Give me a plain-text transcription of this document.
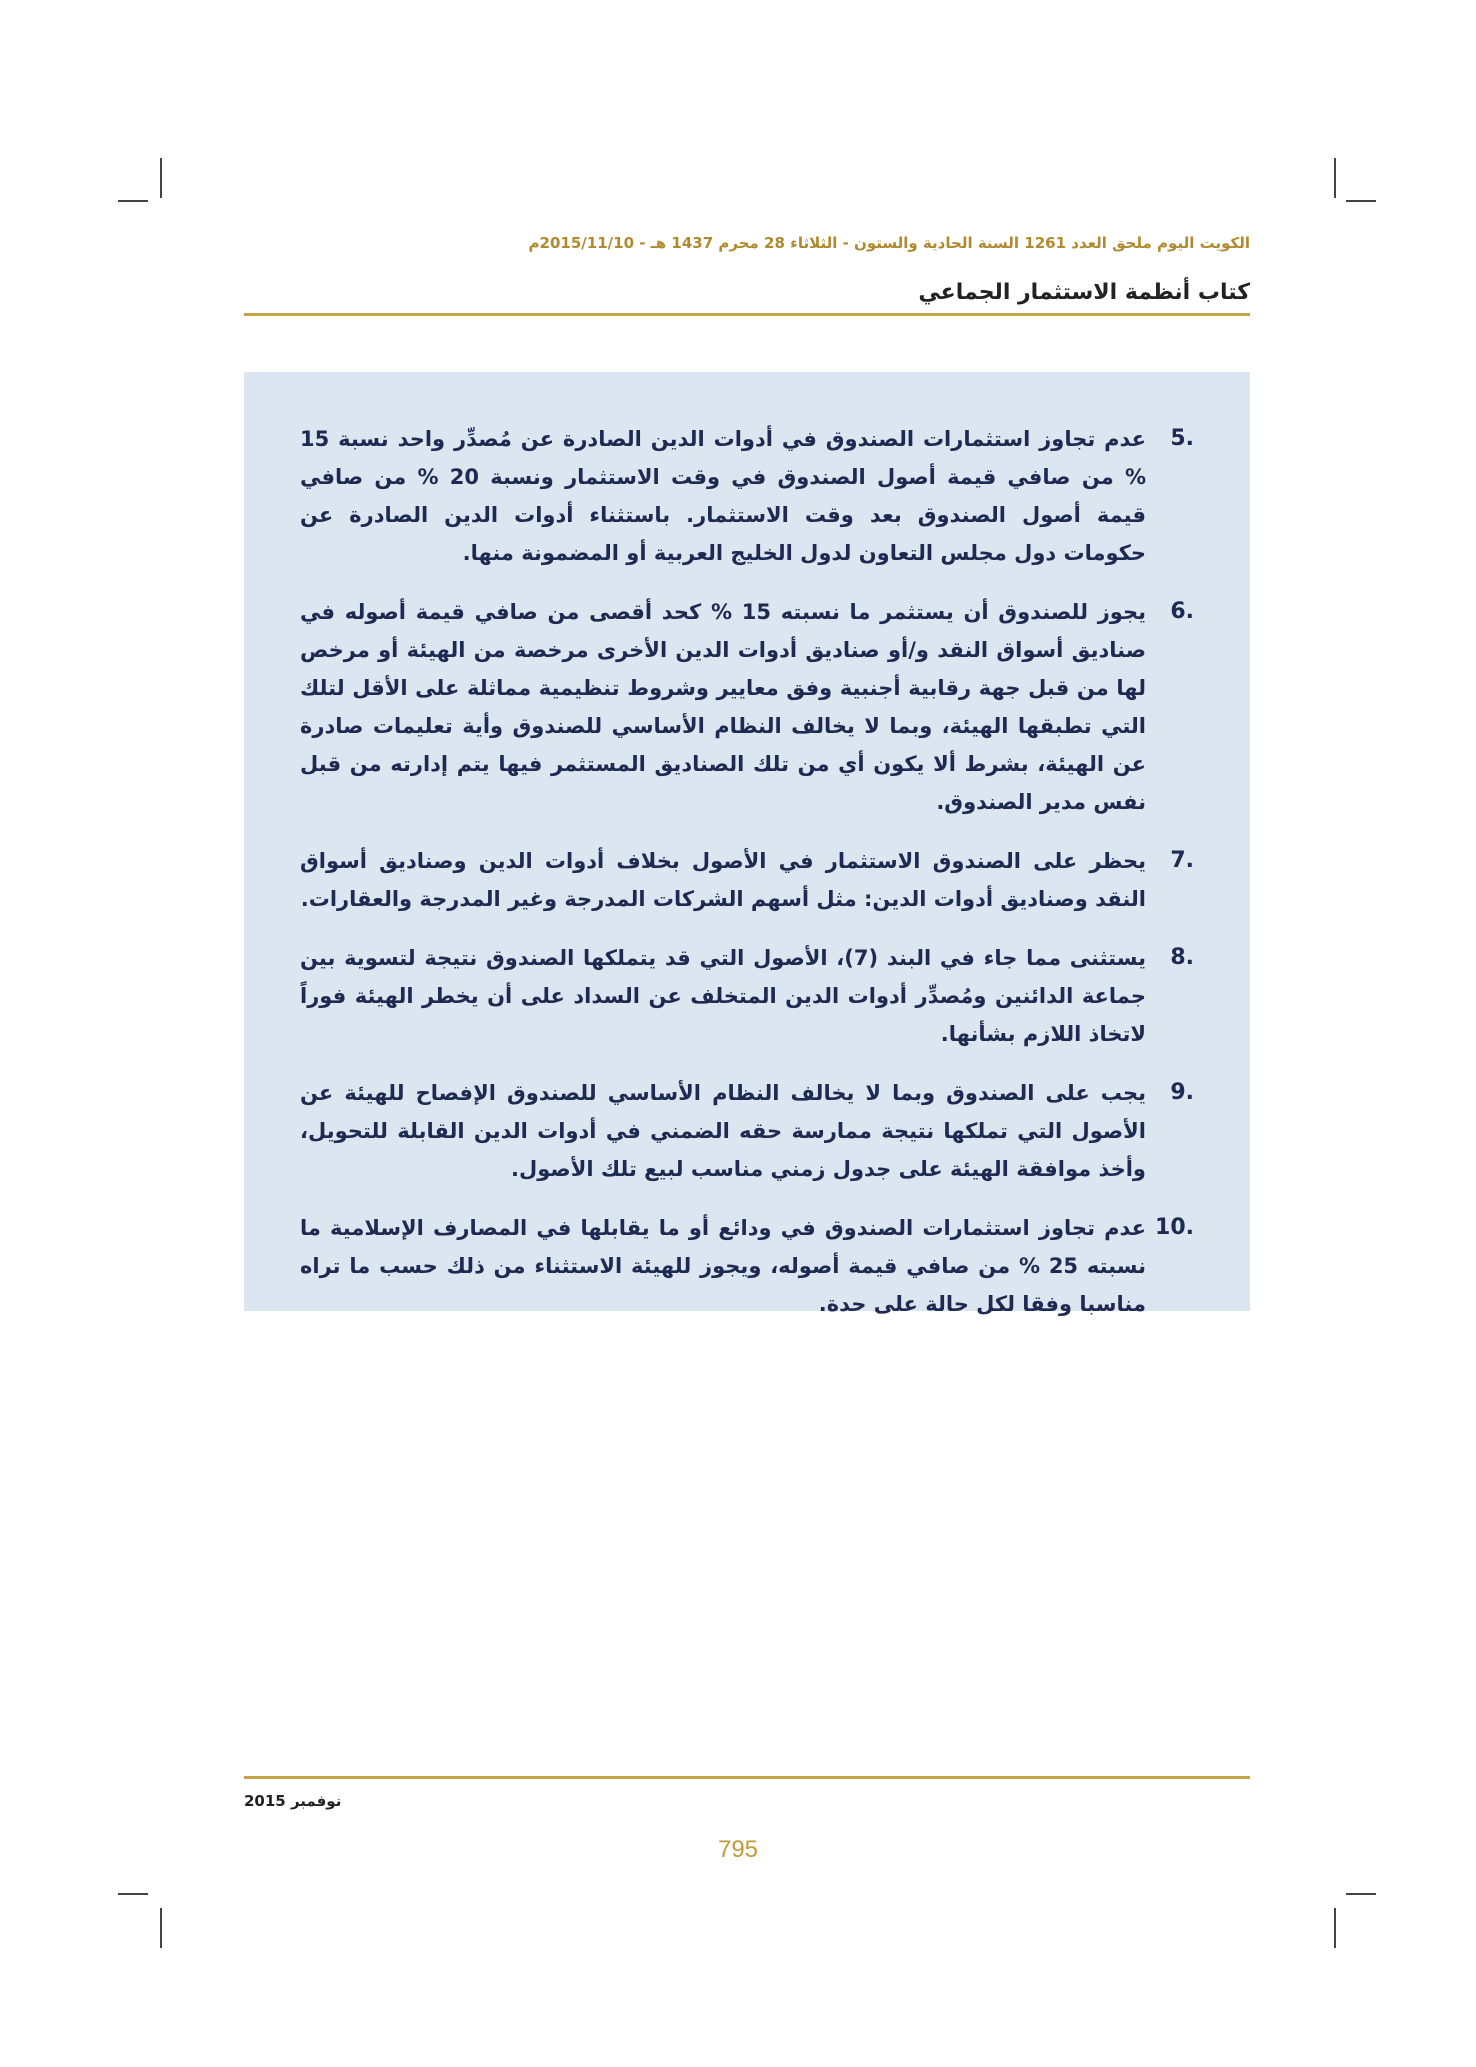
الكويت اليوم ملحق العدد 1261 السنة الحادية والستون - الثلاثاء 28 محرم 1437 هـ - 2015/11/10م
كتاب أنظمة الاستثمار الجماعي
.5
عدم تجاوز استثمارات الصندوق في أدوات الدين الصادرة عن مُصدِّر واحد نسبة 15 % من صافي قيمة أصول الصندوق في وقت الاستثمار ونسبة 20 % من صافي قيمة أصول الصندوق بعد وقت الاستثمار. باستثناء أدوات الدين الصادرة عن حكومات دول مجلس التعاون لدول الخليج العربية أو المضمونة منها.
.6
يجوز للصندوق أن يستثمر ما نسبته 15 % كحد أقصى من صافي قيمة أصوله في صناديق أسواق النقد و/أو صناديق أدوات الدين الأخرى مرخصة من الهيئة أو مرخص لها من قبل جهة رقابية أجنبية وفق معايير وشروط تنظيمية مماثلة على الأقل لتلك التي تطبقها الهيئة، وبما لا يخالف النظام الأساسي للصندوق وأية تعليمات صادرة عن الهيئة، بشرط ألا يكون أي من تلك الصناديق المستثمر فيها يتم إدارته من قبل نفس مدير الصندوق.
.7
يحظر على الصندوق الاستثمار في الأصول بخلاف أدوات الدين وصناديق أسواق النقد وصناديق أدوات الدين: مثل أسهم الشركات المدرجة وغير المدرجة والعقارات.
.8
يستثنى مما جاء في البند (7)، الأصول التي قد يتملكها الصندوق نتيجة لتسوية بين جماعة الدائنين ومُصدِّر أدوات الدين المتخلف عن السداد على أن يخطر الهيئة فوراً لاتخاذ اللازم بشأنها.
.9
يجب على الصندوق وبما لا يخالف النظام الأساسي للصندوق الإفصاح للهيئة عن الأصول التي تملكها نتيجة ممارسة حقه الضمني في أدوات الدين القابلة للتحويل، وأخذ موافقة الهيئة على جدول زمني مناسب لبيع تلك الأصول.
.10
عدم تجاوز استثمارات الصندوق في ودائع أو ما يقابلها في المصارف الإسلامية ما نسبته 25 % من صافي قيمة أصوله، ويجوز للهيئة الاستثناء من ذلك حسب ما تراه مناسبا وفقا لكل حالة على حدة.
نوفمبر 2015
795
